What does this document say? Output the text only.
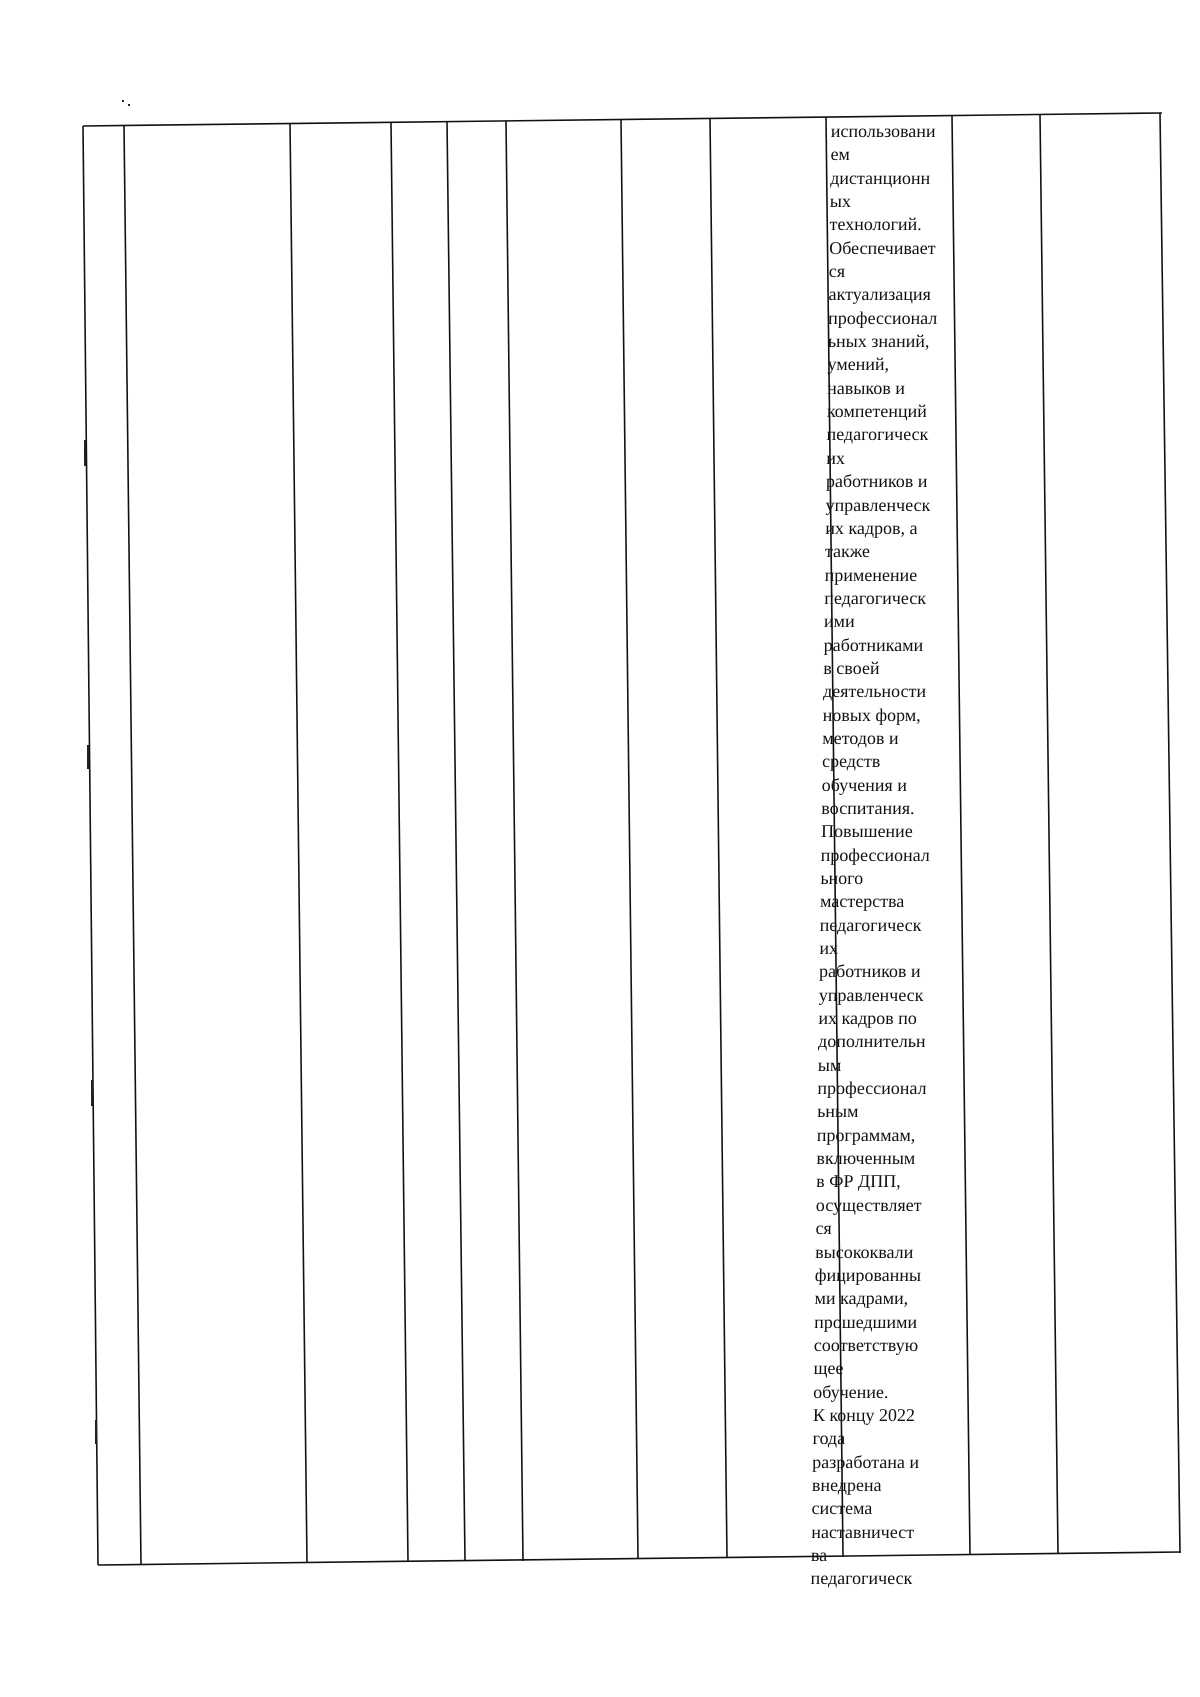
использовани
ем
дистанционн
ых
технологий.
Обеспечивает
ся
актуализация
профессионал
ьных знаний,
умений,
навыков и
компетенций
педагогическ
их
работников и
управленческ
их кадров, а
также
применение
педагогическ
ими
работниками
в своей
деятельности
новых форм,
методов и
средств
обучения и
воспитания.
Повышение
профессионал
ьного
мастерства
педагогическ
их
работников и
управленческ
их кадров по
дополнительн
ым
профессионал
ьным
программам,
включенным
в ФР ДПП,
осуществляет
ся
высококвали
фицированны
ми кадрами,
прошедшими
соответствую
щее
обучение.
К концу 2022
года
разработана и
внедрена
система
наставничест
ва
педагогическ
